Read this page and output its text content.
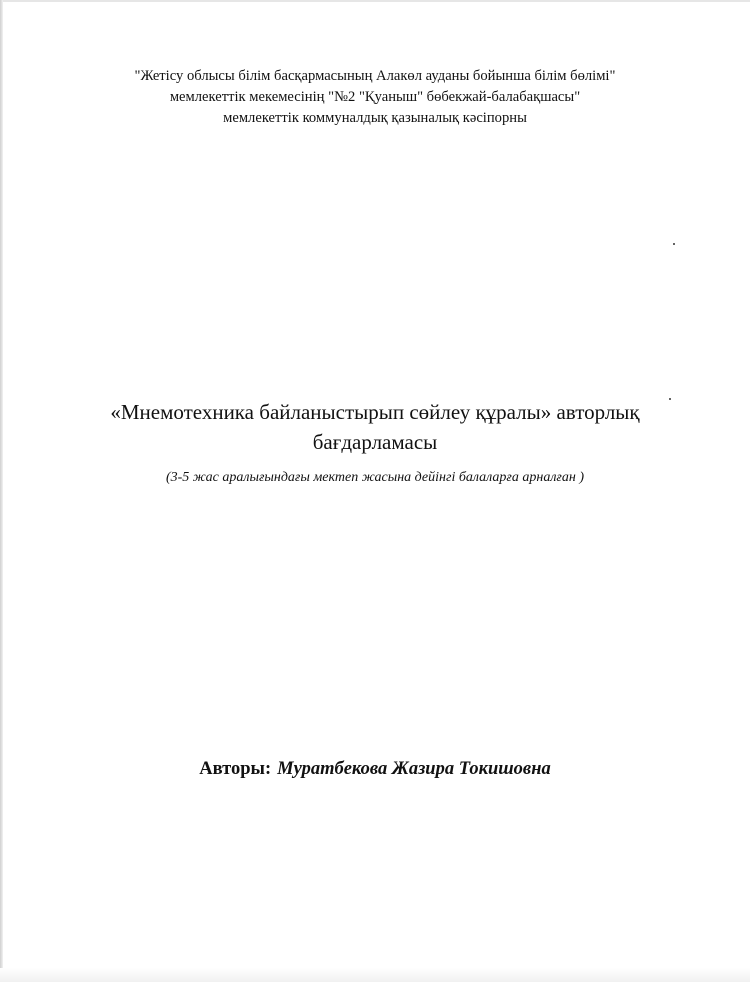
"Жетісу облысы білім басқармасының Алакөл ауданы бойынша білім бөлімі"
мемлекеттік мекемесінің "№2 "Қуаныш" бөбекжай-балабақшасы"
мемлекеттік коммуналдық қазыналық кәсіпорны
«Мнемотехника байланыстырып сөйлеу құралы» авторлық
бағдарламасы
(3-5 жас аралығындағы мектеп жасына дейінгі балаларға арналған )
Авторы: Муратбекова Жазира Токишовна
